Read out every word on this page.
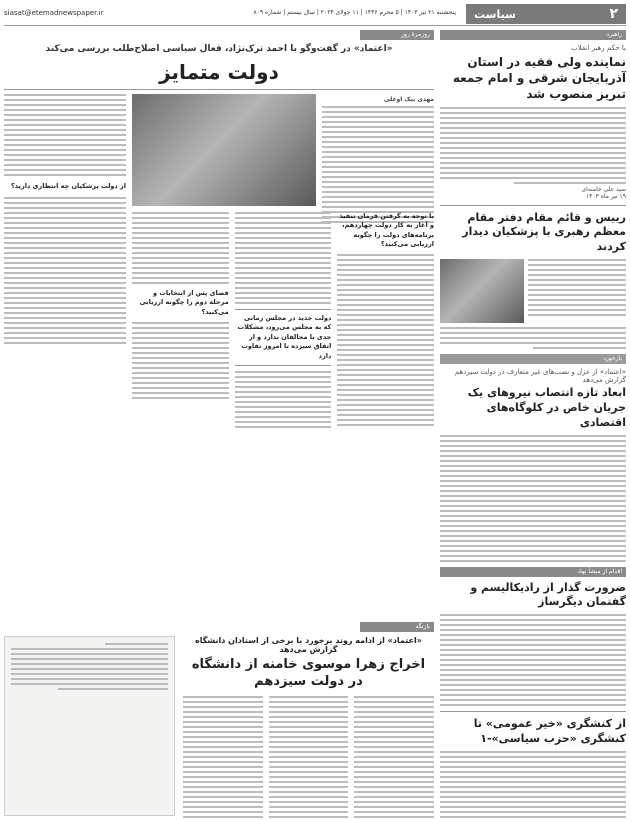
۲
سیاست
پنجشنبه ۲۱ تیر ۱۴۰۳ | ۵ محرم ۱۴۴۶ | ۱۱ جولای ۲۰۲۴ | سال بیستم | شماره ۸۰۹
siasat@etemadnewspaper.ir
راهبرد
با حکم رهبر انقلاب
نماینده ولی فقیه در استان آذربایجان شرقی و امام جمعه تبریز منصوب شد
سید علی خامنه‌ای
۱۹ تیر ماه ۱۴۰۳
رییس و قائم مقام دفتر مقام معظم رهبری با پزشکیان دیدار کردند
بازخورد
«اعتماد» از عزل و نصب‌های غیر متعارف در دولت سیزدهم گزارش می‌دهد
ابعاد تازه انتصاب نیروهای یک جریان خاص در کلوگاه‌های اقتصادی
اقدام از منشأ نهاد
ضرورت گذار از رادیکالیسم و گفتمان دیگرساز
از کنشگری «خیر عمومی» تا کنشگری «حزب سیاسی»-۱
روزمرهٔ روز
«اعتماد» در گفت‌وگو با احمد ترک‌نژاد، فعال سیاسی اصلاح‌طلب بررسی می‌کند
دولت متمایز
مهدی بیک اوغلی
از دولت پزشکیان چه انتظاری دارید؟
با توجه به گرفتن فرمان تنفیذ و آغاز به کار دولت چهاردهم، برنامه‌های دولت را چگونه ارزیابی می‌کنید؟
دولت جدید در مجلس زمانی که به مجلس می‌رود، مشکلات جدی با مخالفان ندارد و از اتفاق سیزده تا امروز تفاوت دارد
فضای پس از انتخابات و مرحله دوم را چگونه ارزیابی می‌کنید؟
بازنگه
«اعتماد» از ادامه روند برخورد با برخی از استادان دانشگاه گزارش می‌دهد
اخراج زهرا موسوی خامنه از دانشگاه در دولت سیزدهم
